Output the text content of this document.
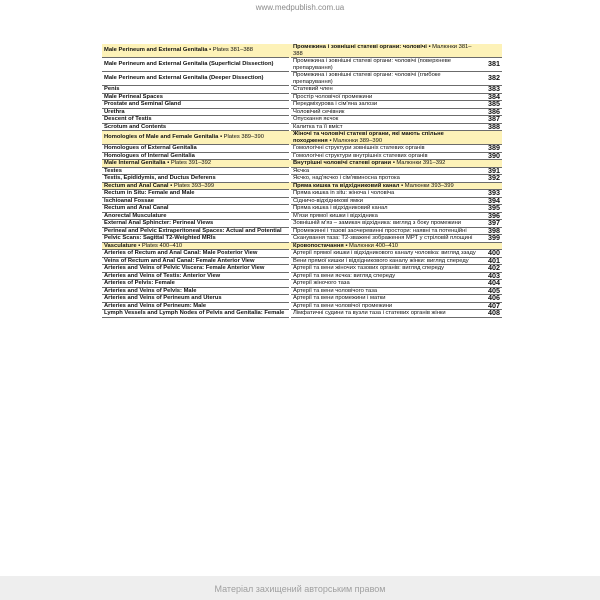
www.medpublish.com.ua
Male Perineum and External Genitalia ▪ Plates 381–388		Промежина і зовнішні статеві органи: чоловічі ▪ Малюнки 381–388	
Male Perineum and External Genitalia (Superficial Dissection)		Промежина і зовнішні статеві органи: чоловічі (поверхневе препарування)	381
Male Perineum and External Genitalia (Deeper Dissection)		Промежина і зовнішні статеві органи: чоловічі (глибоке препарування)	382
Penis		Статевий член	383
Male Perineal Spaces		Простір чоловічої промежини	384
Prostate and Seminal Gland		Передміхурова і сім'яна залози	385
Urethra		Чоловічий сечівник	386
Descent of Testis		Опускання яєчок	387
Scrotum and Contents		Калитка та її вміст	388
Homologies of Male and Female Genitalia ▪ Plates 389–390		Жіночі та чоловічі статеві органи, які мають спільне походження ▪ Малюнки 389–390	
Homologues of External Genitalia		Гомологічні структури зовнішніх статевих органів	389
Homologues of Internal Genitalia		Гомологічні структури внутрішніх статевих органів	390
Male Internal Genitalia ▪ Plates 391–392		Внутрішні чоловічі статеві органи ▪ Малюнки 391–392	
Testes		Яєчка	391
Testis, Epididymis, and Ductus Deferens		Яєчко, над'яєчко і сім'явиносна протока	392
Rectum and Anal Canal ▪ Plates 393–399		Пряма кишка та відхідниковий канал ▪ Малюнки 393–399	
Rectum in Situ: Female and Male		Пряма кишка in situ: жіноча і чоловіча	393
Ischioanal Fossae		Сідничо-відхідникові ямки	394
Rectum and Anal Canal		Пряма кишка і відхідниковий канал	395
Anorectal Musculature		М'язи прямої кишки і відхідника	396
External Anal Sphincter: Perineal Views		Зовнішній м'яз – замикач відхідника: вигляд з боку промежини	397
Perineal and Pelvic Extraperitoneal Spaces: Actual and Potential		Промежинні і тазові заочеревинні простори: наявні та потенційні	398
Pelvic Scans: Sagittal T2-Weighted MRIs		Сканування таза: Т2-зважені зображення МРТ у стріловій площині	399
Vasculature ▪ Plates 400–410		Кровопостачання ▪ Малюнки 400–410	
Arteries of Rectum and Anal Canal: Male Posterior View		Артерії прямої кишки і відхідникового каналу чоловіка: вигляд ззаду	400
Veins of Rectum and Anal Canal: Female Anterior View		Вени прямої кишки і відхідникового каналу жінки: вигляд спереду	401
Arteries and Veins of Pelvic Viscera: Female Anterior View		Артерії та вени жіночих тазових органів: вигляд спереду	402
Arteries and Veins of Testis: Anterior View		Артерії та вени яєчка: вигляд спереду	403
Arteries of Pelvis: Female		Артерії жіночого таза	404
Arteries and Veins of Pelvis: Male		Артерії та вени чоловічого таза	405
Arteries and Veins of Perineum and Uterus		Артерії та вени промежини і матки	406
Arteries and Veins of Perineum: Male		Артерії та вени чоловічої промежини	407
Lymph Vessels and Lymph Nodes of Pelvis and Genitalia: Female		Лімфатичні судини та вузли таза і статевих органів жінки	408
Матеріал захищений авторським правом
